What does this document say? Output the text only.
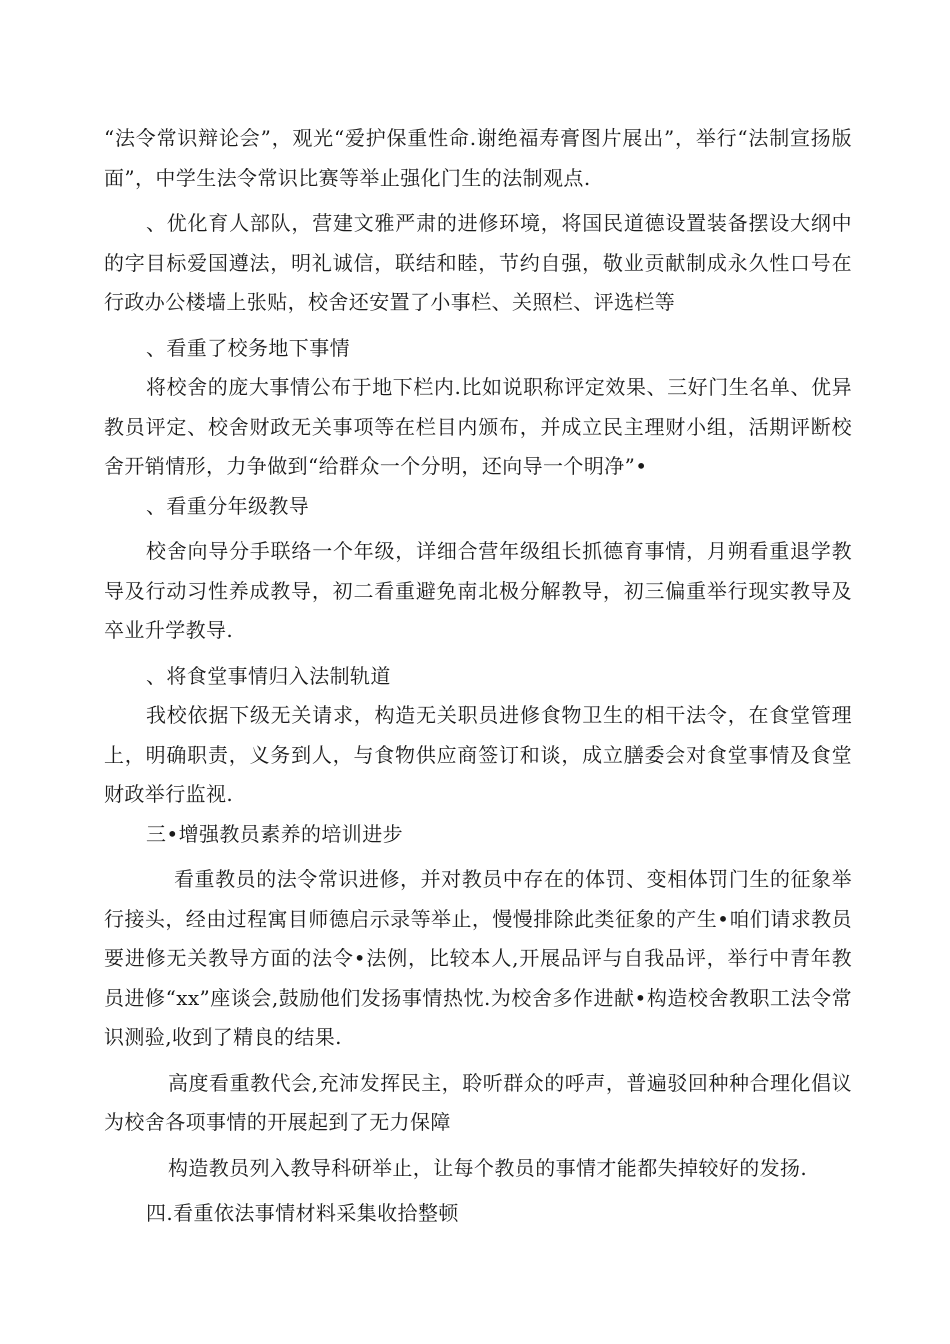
“法令常识辩论会”，观光“爱护保重性命.谢绝福寿膏图片展出”，举行“法制宣扬版面”，中学生法令常识比赛等举止强化门生的法制观点.

、优化育人部队，营建文雅严肃的进修环境，将国民道德设置装备摆设大纲中的字目标爱国遵法，明礼诚信，联结和睦，节约自强，敬业贡献制成永久性口号在行政办公楼墙上张贴，校舍还安置了小事栏、关照栏、评选栏等

、看重了校务地下事情

将校舍的庞大事情公布于地下栏内.比如说职称评定效果、三好门生名单、优异教员评定、校舍财政无关事项等在栏目内颁布，并成立民主理财小组，活期评断校舍开销情形，力争做到“给群众一个分明，还向导一个明净”•

、看重分年级教导

校舍向导分手联络一个年级，详细合营年级组长抓德育事情，月朔看重退学教导及行动习性养成教导，初二看重避免南北极分解教导，初三偏重举行现实教导及卒业升学教导.

、将食堂事情归入法制轨道

我校依据下级无关请求，构造无关职员进修食物卫生的相干法令，在食堂管理上，明确职责，义务到人，与食物供应商签订和谈，成立膳委会对食堂事情及食堂财政举行监视.

三•增强教员素养的培训进步

看重教员的法令常识进修，并对教员中存在的体罚、变相体罚门生的征象举行接头，经由过程寓目师德启示录等举止，慢慢排除此类征象的产生•咱们请求教员要进修无关教导方面的法令•法例，比较本人,开展品评与自我品评，举行中青年教员进修“xx”座谈会,鼓励他们发扬事情热忱.为校舍多作进献•构造校舍教职工法令常识测验,收到了精良的结果.

高度看重教代会,充沛发挥民主，聆听群众的呼声，普遍驳回种种合理化倡议为校舍各项事情的开展起到了无力保障

构造教员列入教导科研举止，让每个教员的事情才能都失掉较好的发扬.

四.看重依法事情材料采集收拾整顿
